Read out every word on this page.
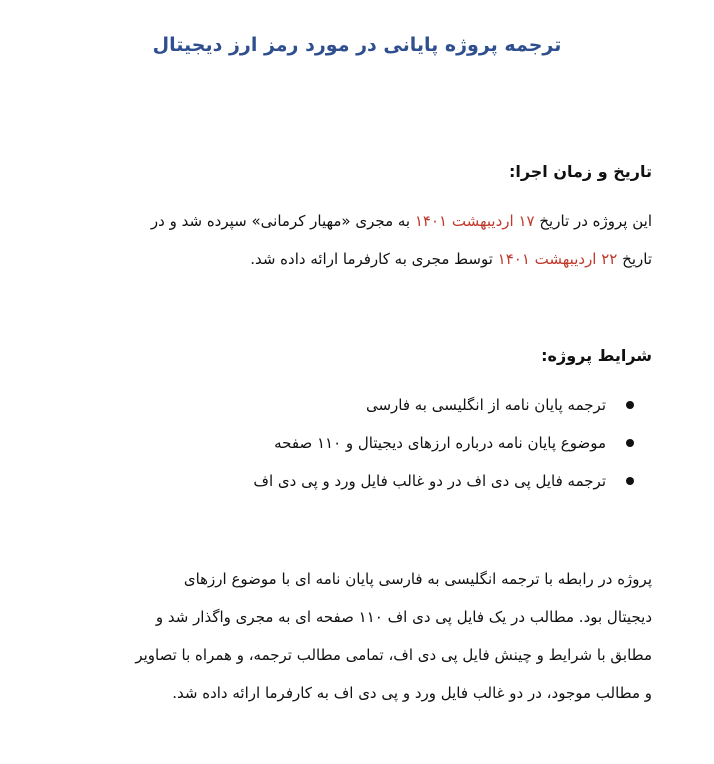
ترجمه پروژه پایانی در مورد رمز ارز دیجیتال
تاریخ و زمان اجرا:
این پروژه در تاریخ ۱۷ اردیبهشت ۱۴۰۱ به مجری «مهیار کرمانی» سپرده شد و در
تاریخ ۲۲ اردیبهشت ۱۴۰۱ توسط مجری به کارفرما ارائه داده شد.
شرایط پروژه:
ترجمه پایان نامه از انگلیسی به فارسی
موضوع پایان نامه درباره ارزهای دیجیتال و ۱۱۰ صفحه
ترجمه فایل پی دی اف در دو غالب فایل ورد و پی دی اف
پروژه در رابطه با ترجمه انگلیسی به فارسی پایان نامه ای با موضوع ارزهای
دیجیتال بود. مطالب در یک فایل پی دی اف ۱۱۰ صفحه ای به مجری واگذار شد و
مطابق با شرایط و چینش فایل پی دی اف، تمامی مطالب ترجمه، و همراه با تصاویر
و مطالب موجود، در دو غالب فایل ورد و پی دی اف به کارفرما ارائه داده شد.
